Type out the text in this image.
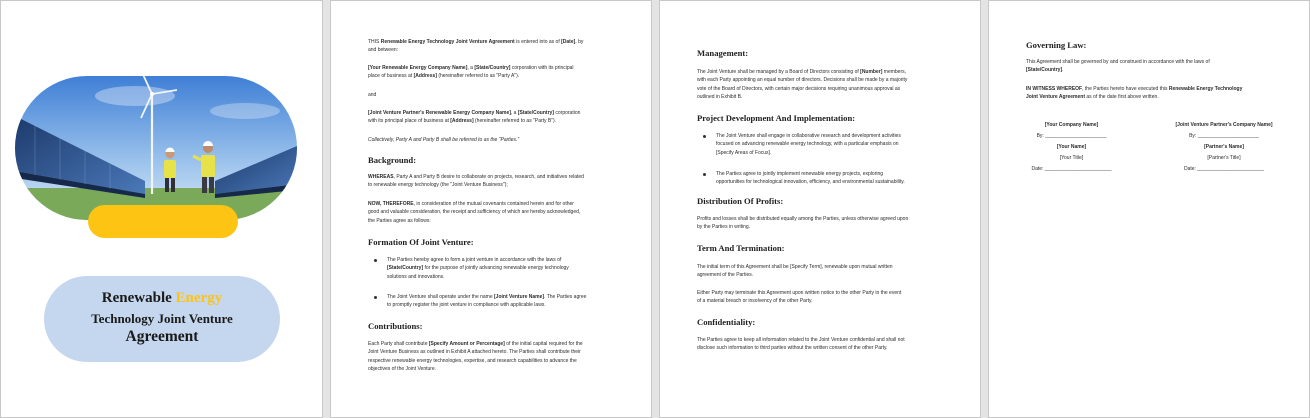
Renewable Energy
Technology Joint Venture
Agreement
THIS Renewable Energy Technology Joint Venture Agreement is entered into as of [Date], by
and between:
[Your Renewable Energy Company Name], a [State/Country] corporation with its principal
place of business at [Address] (hereinafter referred to as "Party A").
and
[Joint Venture Partner's Renewable Energy Company Name], a [State/Country] corporation
with its principal place of business at [Address] (hereinafter referred to as "Party B").
Collectively, Party A and Party B shall be referred to as the "Parties."
Background:
WHEREAS, Party A and Party B desire to collaborate on projects, research, and initiatives related
to renewable energy technology (the "Joint Venture Business");
NOW, THEREFORE, in consideration of the mutual covenants contained herein and for other
good and valuable consideration, the receipt and sufficiency of which are hereby acknowledged,
the Parties agree as follows:
Formation Of Joint Venture:
The Parties hereby agree to form a joint venture in accordance with the laws of
[State/Country] for the purpose of jointly advancing renewable energy technology
solutions and innovations.
The Joint Venture shall operate under the name [Joint Venture Name]. The Parties agree
to promptly register the joint venture in compliance with applicable laws.
Contributions:
Each Party shall contribute [Specify Amount or Percentage] of the initial capital required for the
Joint Venture Business as outlined in Exhibit A attached hereto. The Parties shall contribute their
respective renewable energy technologies, expertise, and research capabilities to advance the
objectives of the Joint Venture.
Management:
The Joint Venture shall be managed by a Board of Directors consisting of [Number] members,
with each Party appointing an equal number of directors. Decisions shall be made by a majority
vote of the Board of Directors, with certain major decisions requiring unanimous approval as
outlined in Exhibit B.
Project Development And Implementation:
The Joint Venture shall engage in collaborative research and development activities
focused on advancing renewable energy technology, with a particular emphasis on
[Specify Areas of Focus].
The Parties agree to jointly implement renewable energy projects, exploring
opportunities for technological innovation, efficiency, and environmental sustainability.
Distribution Of Profits:
Profits and losses shall be distributed equally among the Parties, unless otherwise agreed upon
by the Parties in writing.
Term And Termination:
The initial term of this Agreement shall be [Specify Term], renewable upon mutual written
agreement of the Parties.
Either Party may terminate this Agreement upon written notice to the other Party in the event
of a material breach or insolvency of the other Party.
Confidentiality:
The Parties agree to keep all information related to the Joint Venture confidential and shall not
disclose such information to third parties without the written consent of the other Party.
Governing Law:
This Agreement shall be governed by and construed in accordance with the laws of
[State/Country].
IN WITNESS WHEREOF, the Parties hereto have executed this Renewable Energy Technology
Joint Venture Agreement as of the date first above written.
[Your Company Name]
By: ______________________
[Your Name]
[Your Title]
Date: ________________________
[Joint Venture Partner's Company Name]
By: ______________________
[Partner's Name]
[Partner's Title]
Date: ________________________
